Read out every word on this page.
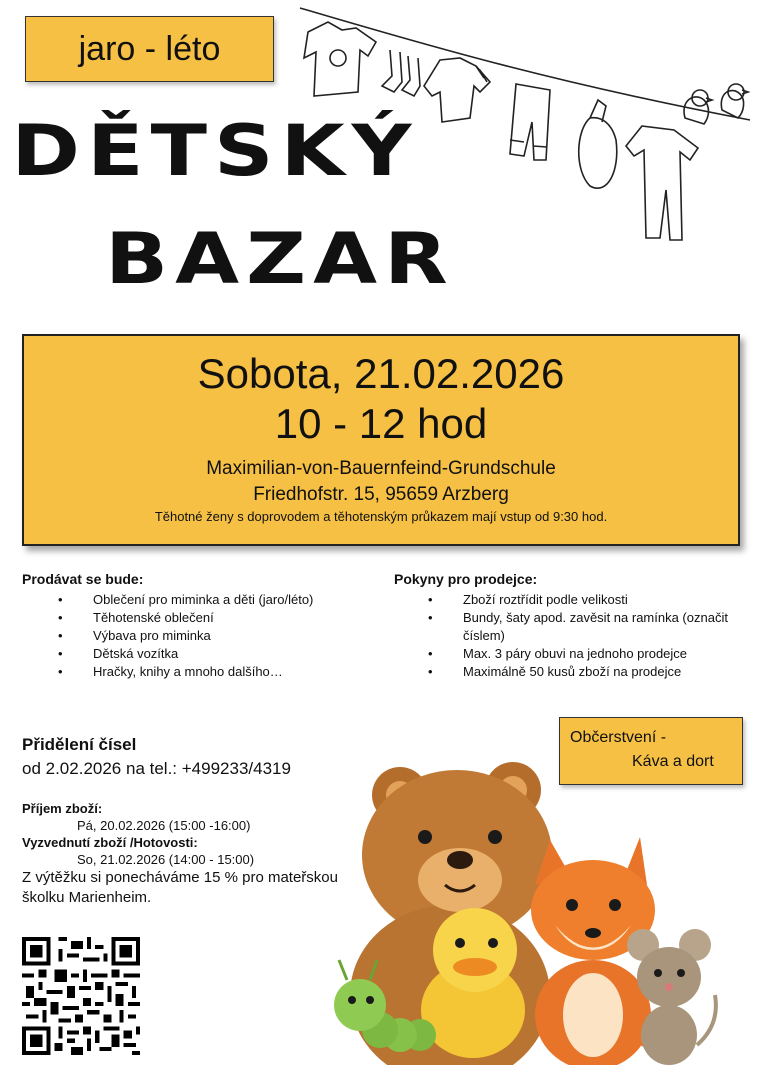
jaro - léto
DĚTSKÝ
BAZAR
Sobota, 21.02.2026
10 - 12 hod
Maximilian-von-Bauernfeind-Grundschule
Friedhofstr. 15, 95659 Arzberg
Těhotné ženy s doprovodem a těhotenským průkazem mají vstup od 9:30 hod.
Prodávat se bude:
• Oblečení pro miminka a děti (jaro/léto)
• Těhotenské oblečení
• Výbava pro miminka
• Dětská vozítka
• Hračky, knihy a mnoho dalšího…
Pokyny pro prodejce:
• Zboží roztřídit podle velikosti
• Bundy, šaty apod. zavěsit na ramínka (označit číslem)
• Max. 3 páry obuvi na jednoho prodejce
• Maximálně 50 kusů zboží na prodejce
Přidělení čísel
od 2.02.2026 na tel.: +499233/4319
Příjem zboží:
Pá, 20.02.2026 (15:00 -16:00)
Vyzvednutí zboží /Hotovosti:
So, 21.02.2026 (14:00 - 15:00)
Z výtěžku si ponecháváme 15 % pro mateřskou školku Marienheim.
Občerstvení -
Káva a dort
